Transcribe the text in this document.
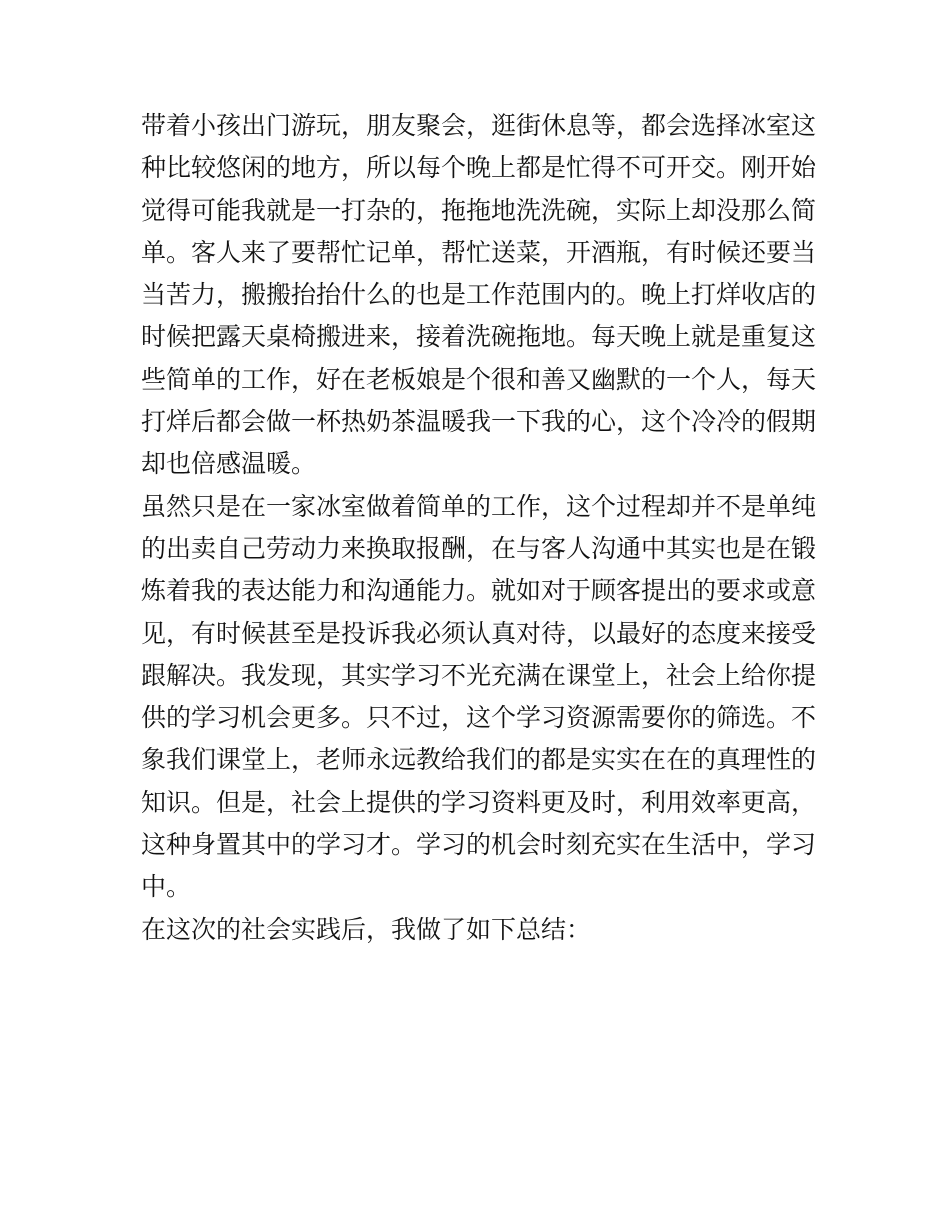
带着小孩出门游玩，朋友聚会，逛街休息等，都会选择冰室这
种比较悠闲的地方，所以每个晚上都是忙得不可开交。刚开始
觉得可能我就是一打杂的，拖拖地洗洗碗，实际上却没那么简
单。客人来了要帮忙记单，帮忙送菜，开酒瓶，有时候还要当
当苦力，搬搬抬抬什么的也是工作范围内的。晚上打烊收店的
时候把露天桌椅搬进来，接着洗碗拖地。每天晚上就是重复这
些简单的工作，好在老板娘是个很和善又幽默的一个人，每天
打烊后都会做一杯热奶茶温暖我一下我的心，这个冷冷的假期
却也倍感温暖。
虽然只是在一家冰室做着简单的工作，这个过程却并不是单纯
的出卖自己劳动力来换取报酬，在与客人沟通中其实也是在锻
炼着我的表达能力和沟通能力。就如对于顾客提出的要求或意
见，有时候甚至是投诉我必须认真对待，以最好的态度来接受
跟解决。我发现，其实学习不光充满在课堂上，社会上给你提
供的学习机会更多。只不过，这个学习资源需要你的筛选。不
象我们课堂上，老师永远教给我们的都是实实在在的真理性的
知识。但是，社会上提供的学习资料更及时，利用效率更高，
这种身置其中的学习才。学习的机会时刻充实在生活中，学习
中。
在这次的社会实践后，我做了如下总结：
